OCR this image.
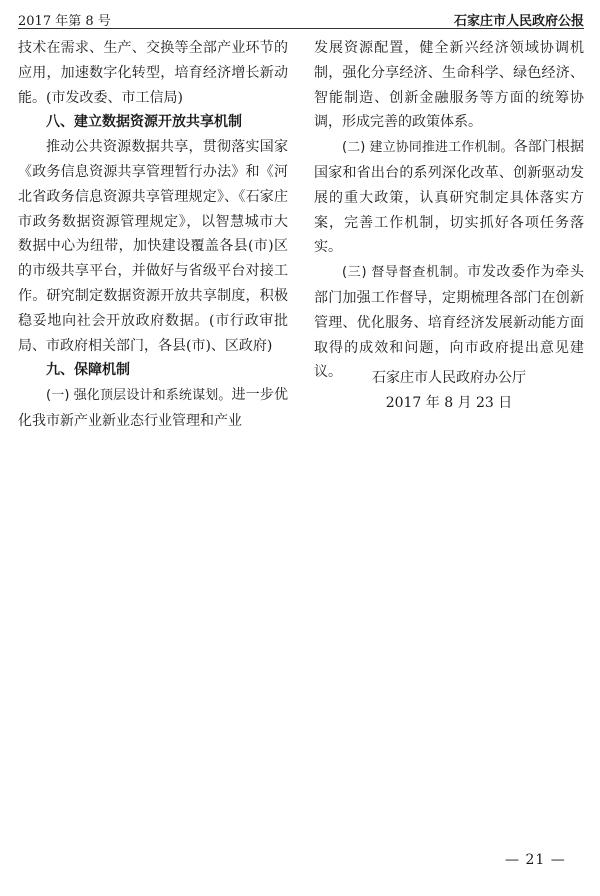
2017 年第 8 号	石家庄市人民政府公报

技术在需求、生产、交换等全部产业环节的应用，加速数字化转型，培育经济增长新动能。(市发改委、市工信局)

八、建立数据资源开放共享机制

推动公共资源数据共享，贯彻落实国家《政务信息资源共享管理暂行办法》和《河北省政务信息资源共享管理规定》、《石家庄市政务数据资源管理规定》，以智慧城市大数据中心为纽带，加快建设覆盖各县(市)区的市级共享平台，并做好与省级平台对接工作。研究制定数据资源开放共享制度，积极稳妥地向社会开放政府数据。(市行政审批局、市政府相关部门，各县(市)、区政府)

九、保障机制

(一) 强化顶层设计和系统谋划。进一步优化我市新产业新业态行业管理和产业

发展资源配置，健全新兴经济领域协调机制，强化分享经济、生命科学、绿色经济、智能制造、创新金融服务等方面的统筹协调，形成完善的政策体系。

(二) 建立协同推进工作机制。各部门根据国家和省出台的系列深化改革、创新驱动发展的重大政策，认真研究制定具体落实方案，完善工作机制，切实抓好各项任务落实。

(三) 督导督查机制。市发改委作为牵头部门加强工作督导，定期梳理各部门在创新管理、优化服务、培育经济发展新动能方面取得的成效和问题，向市政府提出意见建议。	石家庄市人民政府办公厅
2017 年 8 月 23 日
— 21 —
